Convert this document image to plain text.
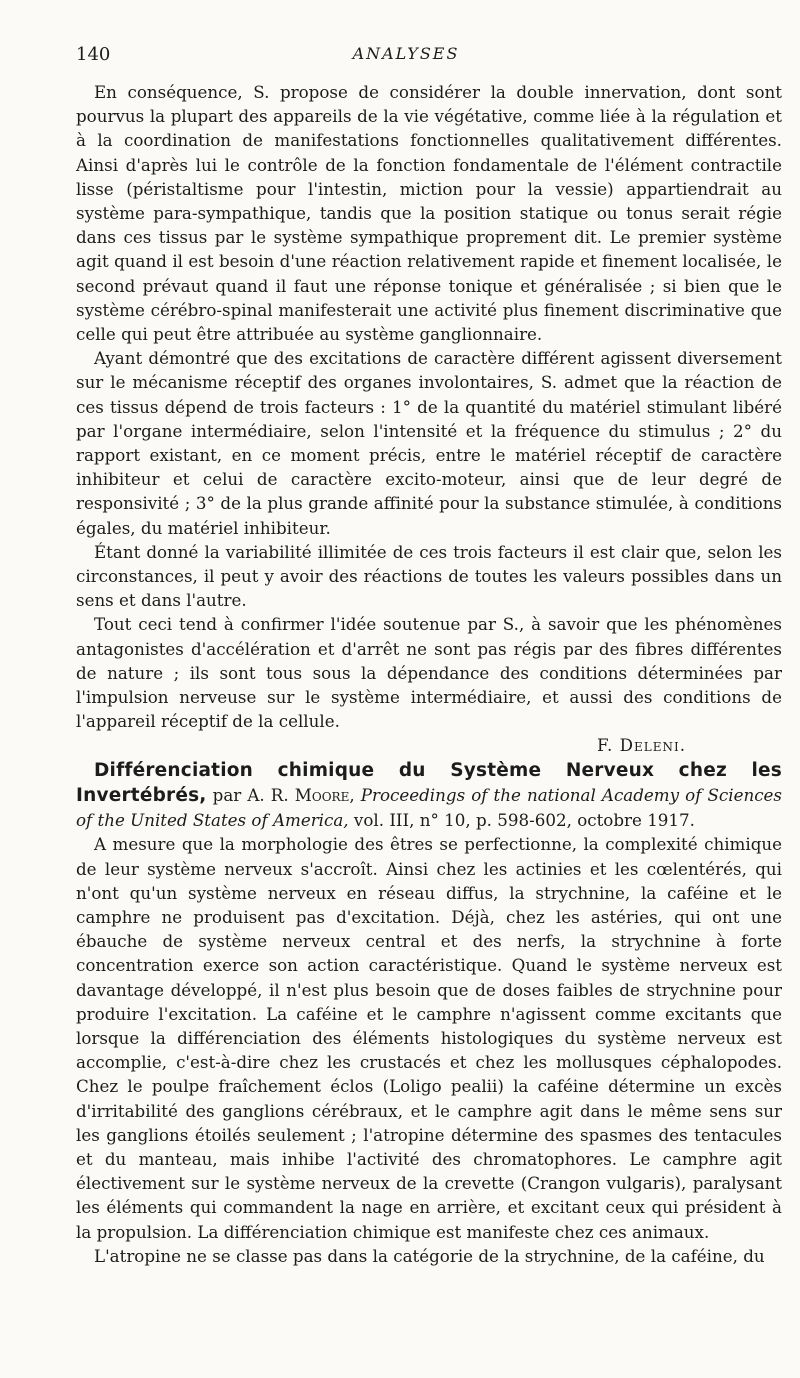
140	ANALYSES

En conséquence, S. propose de considérer la double innervation, dont sont pourvus la plupart des appareils de la vie végétative, comme liée à la régulation et à la coordination de manifestations fonctionnelles qualitativement différentes. Ainsi d'après lui le contrôle de la fonction fondamentale de l'élément contractile lisse (péristaltisme pour l'intestin, miction pour la vessie) appartiendrait au système para-sympathique, tandis que la position statique ou tonus serait régie dans ces tissus par le système sympathique proprement dit. Le premier système agit quand il est besoin d'une réaction relativement rapide et finement localisée, le second prévaut quand il faut une réponse tonique et généralisée ; si bien que le système cérébro-spinal manifesterait une activité plus finement discriminative que celle qui peut être attribuée au système ganglionnaire.

Ayant démontré que des excitations de caractère différent agissent diversement sur le mécanisme réceptif des organes involontaires, S. admet que la réaction de ces tissus dépend de trois facteurs : 1° de la quantité du matériel stimulant libéré par l'organe intermédiaire, selon l'intensité et la fréquence du stimulus ; 2° du rapport existant, en ce moment précis, entre le matériel réceptif de caractère inhibiteur et celui de caractère excito-moteur, ainsi que de leur degré de responsivité ; 3° de la plus grande affinité pour la substance stimulée, à conditions égales, du matériel inhibiteur.

Étant donné la variabilité illimitée de ces trois facteurs il est clair que, selon les circonstances, il peut y avoir des réactions de toutes les valeurs possibles dans un sens et dans l'autre.

Tout ceci tend à confirmer l'idée soutenue par S., à savoir que les phénomènes antagonistes d'accélération et d'arrêt ne sont pas régis par des fibres différentes de nature ; ils sont tous sous la dépendance des conditions déterminées par l'impulsion nerveuse sur le système intermédiaire, et aussi des conditions de l'appareil réceptif de la cellule.

F. Deleni.

Différenciation chimique du Système Nerveux chez les Invertébrés, par A. R. Moore, Proceedings of the national Academy of Sciences of the United States of America, vol. III, n° 10, p. 598-602, octobre 1917.

A mesure que la morphologie des êtres se perfectionne, la complexité chimique de leur système nerveux s'accroît. Ainsi chez les actinies et les cœlentérés, qui n'ont qu'un système nerveux en réseau diffus, la strychnine, la caféine et le camphre ne produisent pas d'excitation. Déjà, chez les astéries, qui ont une ébauche de système nerveux central et des nerfs, la strychnine à forte concentration exerce son action caractéristique. Quand le système nerveux est davantage développé, il n'est plus besoin que de doses faibles de strychnine pour produire l'excitation. La caféine et le camphre n'agissent comme excitants que lorsque la différenciation des éléments histologiques du système nerveux est accomplie, c'est-à-dire chez les crustacés et chez les mollusques céphalopodes. Chez le poulpe fraîchement éclos (Loligo pealii) la caféine détermine un excès d'irritabilité des ganglions cérébraux, et le camphre agit dans le même sens sur les ganglions étoilés seulement ; l'atropine détermine des spasmes des tentacules et du manteau, mais inhibe l'activité des chromatophores. Le camphre agit électivement sur le système nerveux de la crevette (Crangon vulgaris), paralysant les éléments qui commandent la nage en arrière, et excitant ceux qui président à la propulsion. La différenciation chimique est manifeste chez ces animaux.

L'atropine ne se classe pas dans la catégorie de la strychnine, de la caféine, du
